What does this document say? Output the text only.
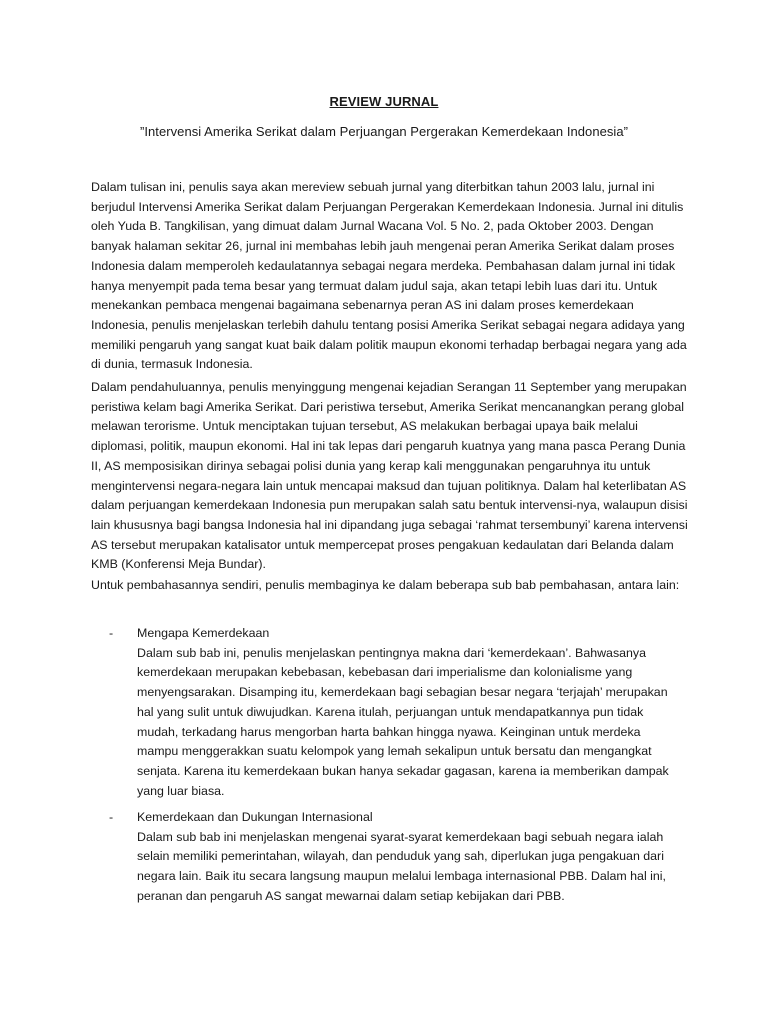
REVIEW JURNAL
”Intervensi Amerika Serikat dalam Perjuangan Pergerakan Kemerdekaan Indonesia”
Dalam tulisan ini, penulis saya akan mereview sebuah jurnal yang diterbitkan tahun 2003 lalu, jurnal ini berjudul Intervensi Amerika Serikat dalam Perjuangan Pergerakan Kemerdekaan Indonesia. Jurnal ini ditulis oleh Yuda B. Tangkilisan, yang dimuat dalam Jurnal Wacana Vol. 5 No. 2, pada Oktober 2003. Dengan banyak halaman sekitar 26, jurnal ini membahas lebih jauh mengenai peran Amerika Serikat dalam proses Indonesia dalam memperoleh kedaulatannya sebagai negara merdeka. Pembahasan dalam jurnal ini tidak hanya menyempit pada tema besar yang termuat dalam judul saja, akan tetapi lebih luas dari itu. Untuk menekankan pembaca mengenai bagaimana sebenarnya peran AS ini dalam proses kemerdekaan Indonesia, penulis menjelaskan terlebih dahulu tentang posisi Amerika Serikat sebagai negara adidaya yang memiliki pengaruh yang sangat kuat baik dalam politik maupun ekonomi terhadap berbagai negara yang ada di dunia, termasuk Indonesia.
Dalam pendahuluannya, penulis menyinggung mengenai kejadian Serangan 11 September yang merupakan peristiwa kelam bagi Amerika Serikat. Dari peristiwa tersebut, Amerika Serikat mencanangkan perang global melawan terorisme. Untuk menciptakan tujuan tersebut, AS melakukan berbagai upaya baik melalui diplomasi, politik, maupun ekonomi. Hal ini tak lepas dari pengaruh kuatnya yang mana pasca Perang Dunia II, AS memposisikan dirinya sebagai polisi dunia yang kerap kali menggunakan pengaruhnya itu untuk mengintervensi negara-negara lain untuk mencapai maksud dan tujuan politiknya. Dalam hal keterlibatan AS dalam perjuangan kemerdekaan Indonesia pun merupakan salah satu bentuk intervensi-nya, walaupun disisi lain khususnya bagi bangsa Indonesia hal ini dipandang juga sebagai ‘rahmat tersembunyi’ karena intervensi AS tersebut merupakan katalisator untuk mempercepat proses pengakuan kedaulatan dari Belanda dalam KMB (Konferensi Meja Bundar).
Untuk pembahasannya sendiri, penulis membaginya ke dalam beberapa sub bab pembahasan, antara lain:
- Mengapa Kemerdekaan
Dalam sub bab ini, penulis menjelaskan pentingnya makna dari ‘kemerdekaan’. Bahwasanya kemerdekaan merupakan kebebasan, kebebasan dari imperialisme dan kolonialisme yang menyengsarakan. Disamping itu, kemerdekaan bagi sebagian besar negara ‘terjajah’ merupakan hal yang sulit untuk diwujudkan. Karena itulah, perjuangan untuk mendapatkannya pun tidak mudah, terkadang harus mengorban harta bahkan hingga nyawa. Keinginan untuk merdeka mampu menggerakkan suatu kelompok yang lemah sekalipun untuk bersatu dan mengangkat senjata. Karena itu kemerdekaan bukan hanya sekadar gagasan, karena ia memberikan dampak yang luar biasa.
- Kemerdekaan dan Dukungan Internasional
Dalam sub bab ini menjelaskan mengenai syarat-syarat kemerdekaan bagi sebuah negara ialah selain memiliki pemerintahan, wilayah, dan penduduk yang sah, diperlukan juga pengakuan dari negara lain. Baik itu secara langsung maupun melalui lembaga internasional PBB. Dalam hal ini, peranan dan pengaruh AS sangat mewarnai dalam setiap kebijakan dari PBB.
